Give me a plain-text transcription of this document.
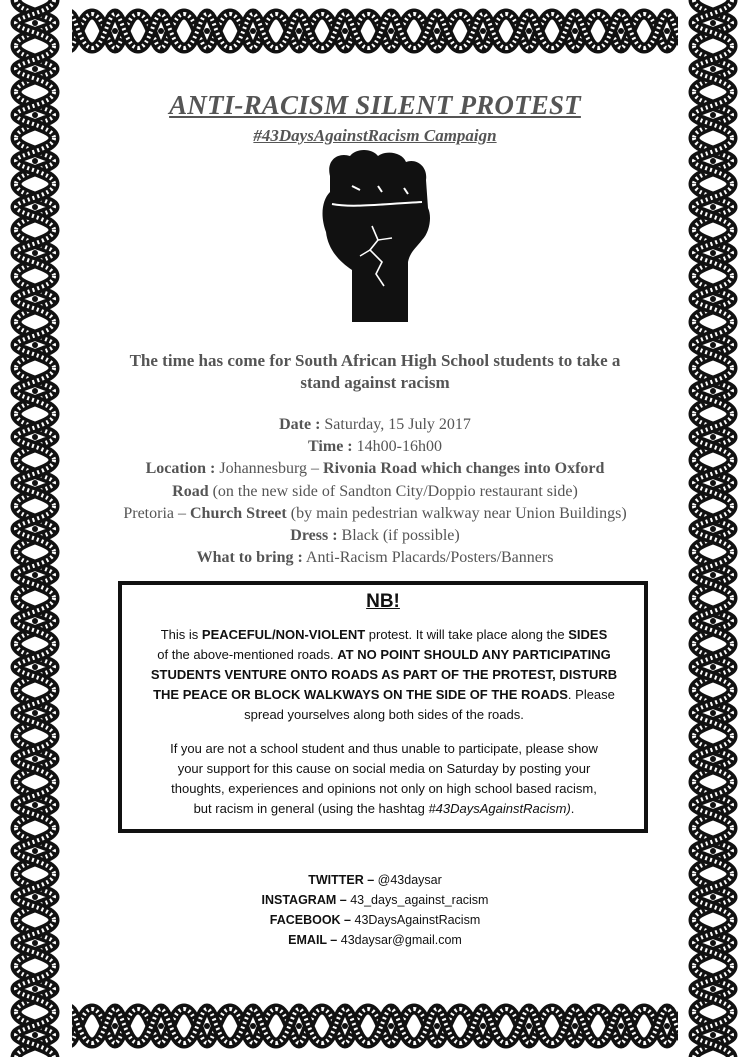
ANTI-RACISM SILENT PROTEST
#43DaysAgainstRacism Campaign
The time has come for South African High School students to take a
stand against racism
Date : Saturday, 15 July 2017
Time : 14h00-16h00
Location : Johannesburg – Rivonia Road which changes into Oxford
Road (on the new side of Sandton City/Doppio restaurant side)
Pretoria – Church Street (by main pedestrian walkway near Union Buildings)
Dress : Black (if possible)
What to bring : Anti-Racism Placards/Posters/Banners
NB!
This is PEACEFUL/NON-VIOLENT protest. It will take place along the SIDES
of the above-mentioned roads. AT NO POINT SHOULD ANY PARTICIPATING
STUDENTS VENTURE ONTO ROADS AS PART OF THE PROTEST, DISTURB
THE PEACE OR BLOCK WALKWAYS ON THE SIDE OF THE ROADS. Please
spread yourselves along both sides of the roads.
If you are not a school student and thus unable to participate, please show
your support for this cause on social media on Saturday by posting your
thoughts, experiences and opinions not only on high school based racism,
but racism in general (using the hashtag #43DaysAgainstRacism).
TWITTER – @43daysar
INSTAGRAM – 43_days_against_racism
FACEBOOK – 43DaysAgainstRacism
EMAIL – 43daysar@gmail.com
